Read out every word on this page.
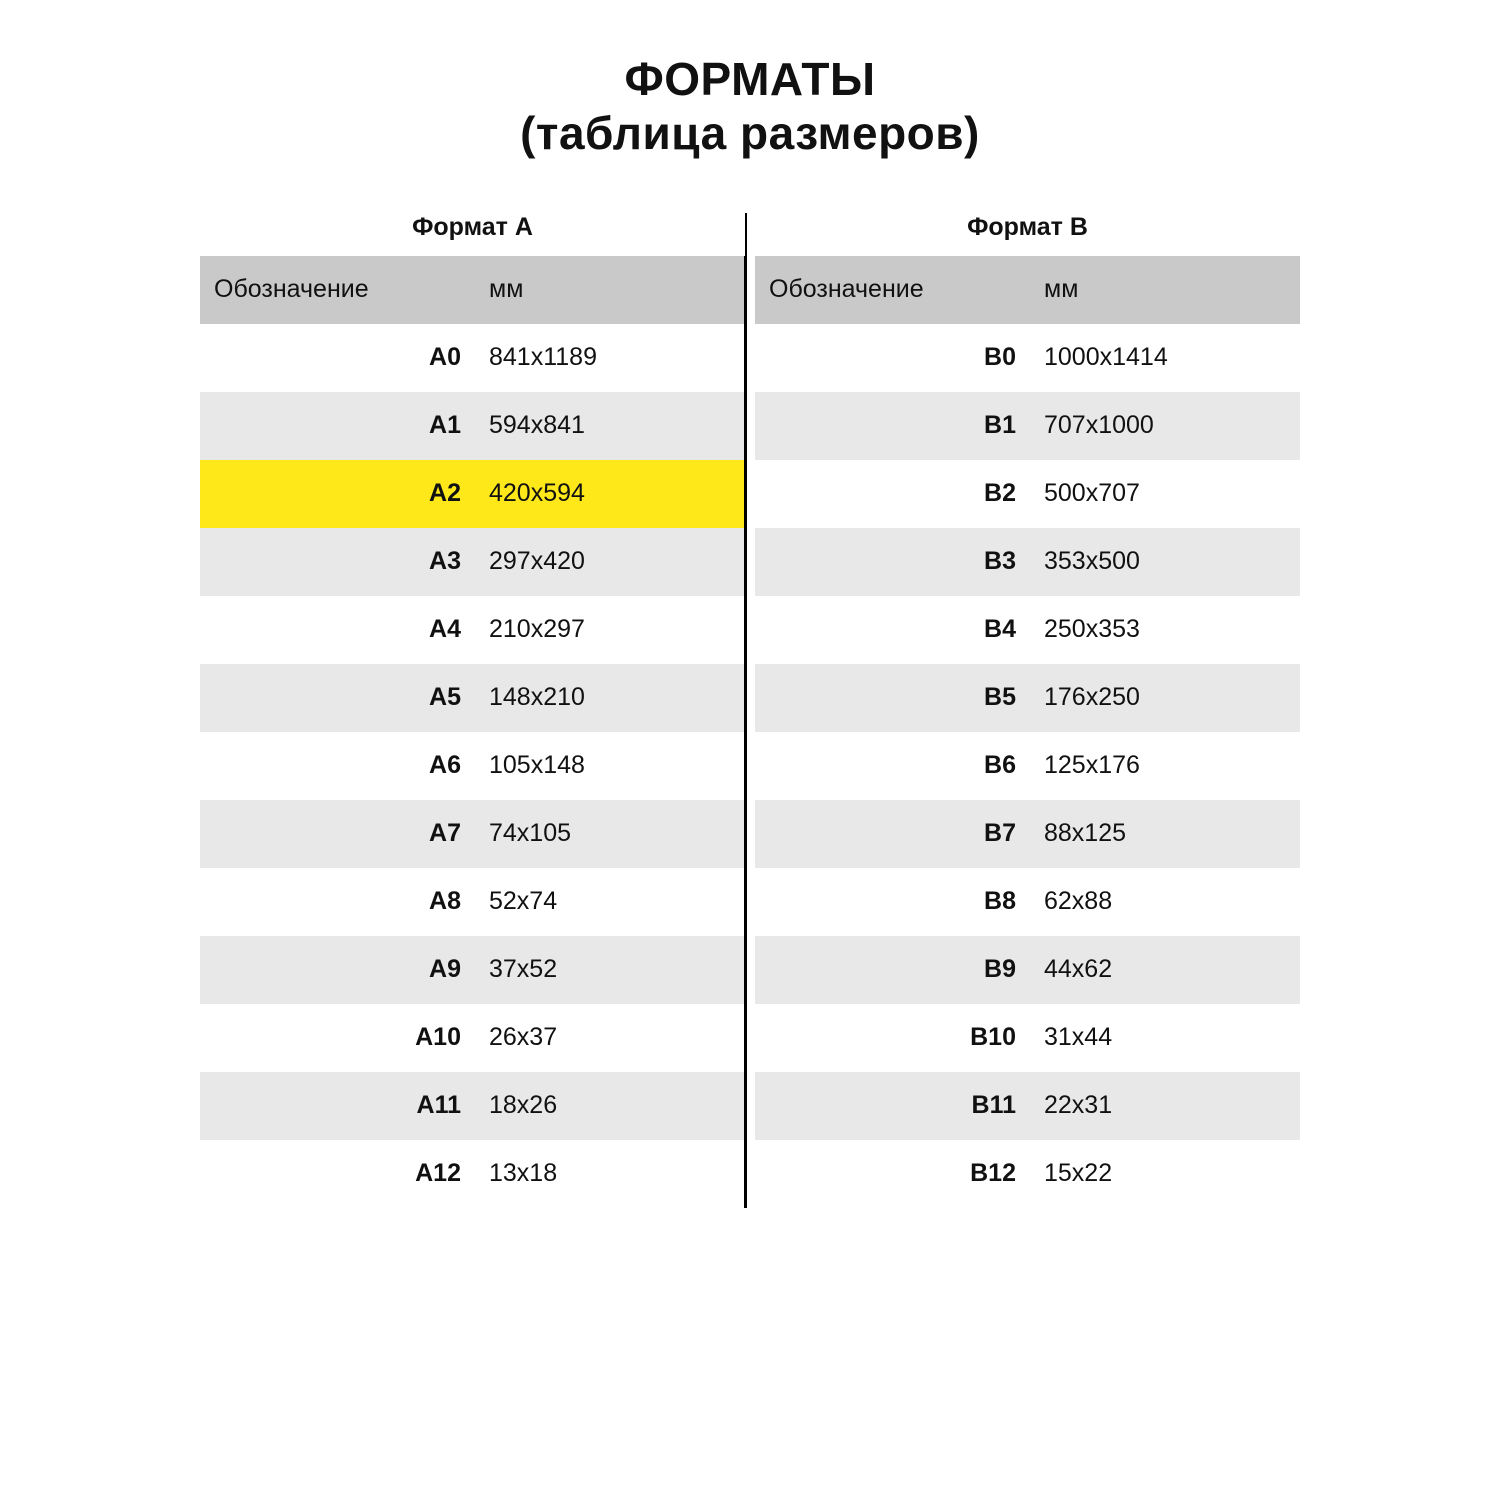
ФОРМАТЫ
(таблица размеров)
Формат А	Формат В
Обозначение	мм		Обозначение	мм
A0	841x1189		B0	1000x1414
A1	594x841		B1	707x1000
A2	420x594		B2	500x707
A3	297x420		B3	353x500
A4	210x297		B4	250x353
A5	148x210		B5	176x250
A6	105x148		B6	125x176
A7	74x105		B7	88x125
A8	52x74		B8	62x88
A9	37x52		B9	44x62
A10	26x37		B10	31x44
A11	18x26		B11	22x31
A12	13x18		B12	15x22
